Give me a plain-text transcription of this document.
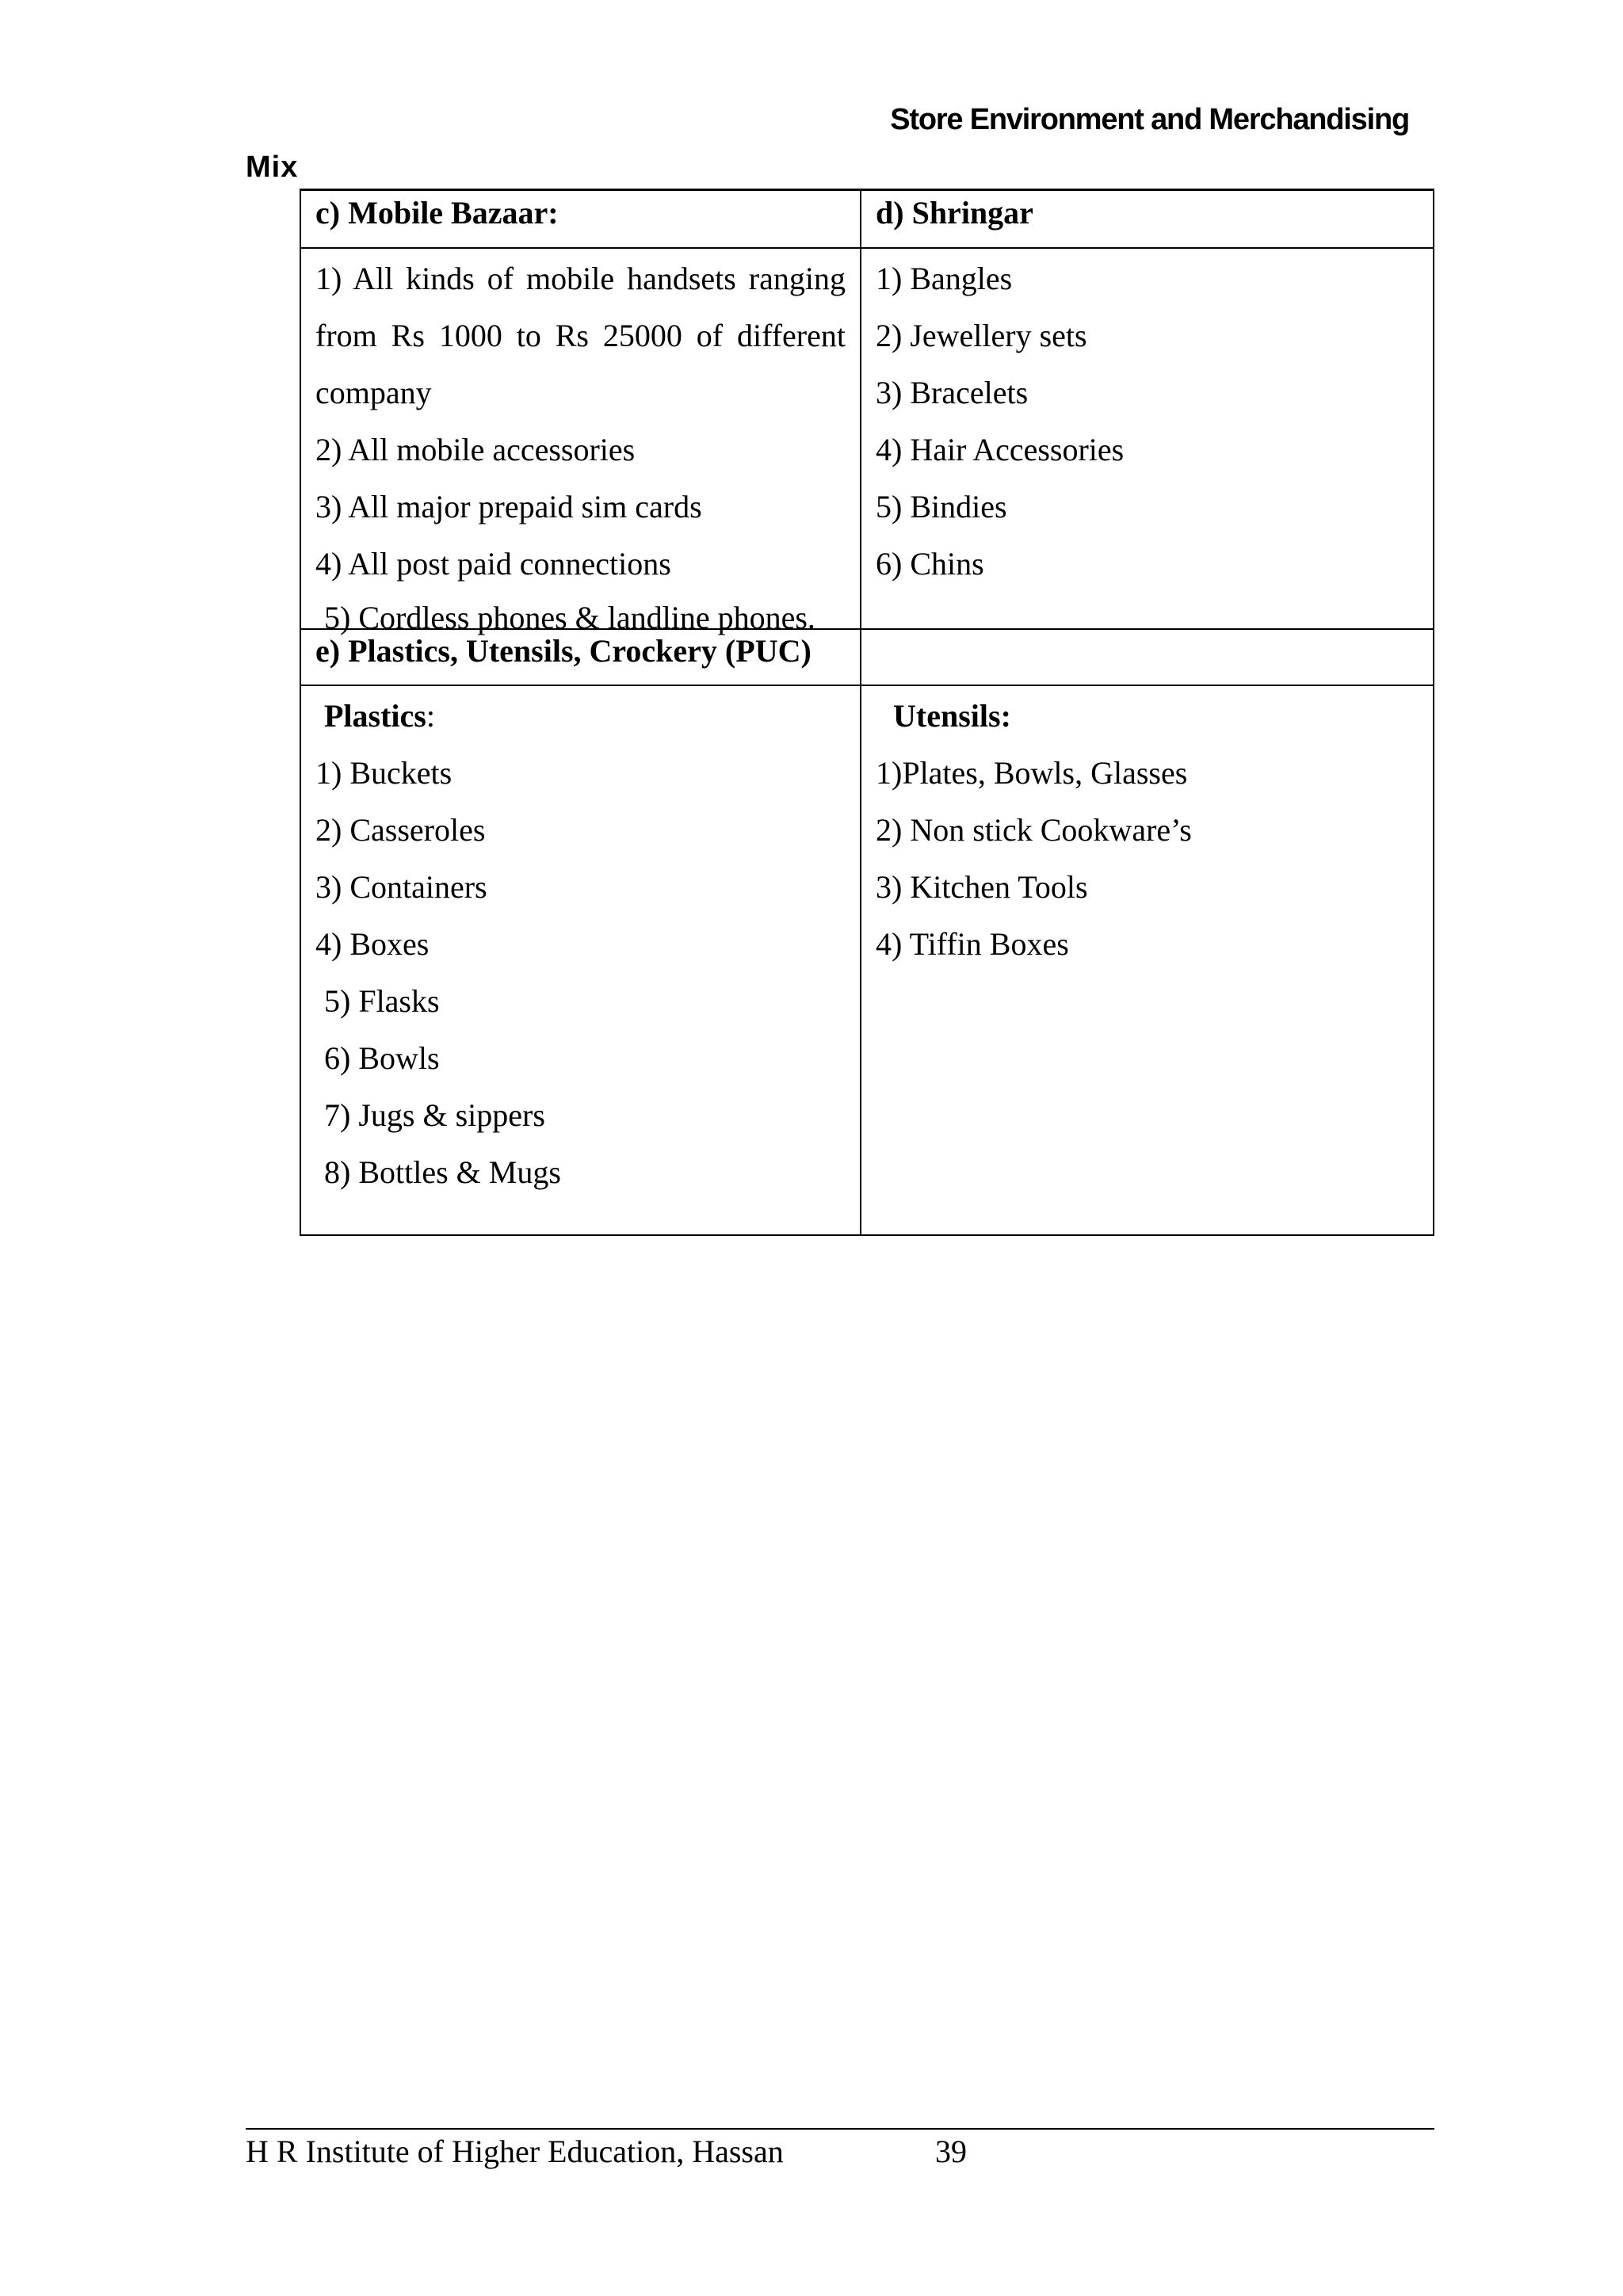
Store Environment and Merchandising
Mix
c) Mobile Bazaar:	d) Shringar
1) All kinds of mobile handsets ranging
from Rs 1000 to Rs 25000 of different
company
2) All mobile accessories
3) All major prepaid sim cards
4) All post paid connections
5) Cordless phones & landline phones.
1) Bangles
2) Jewellery sets
3) Bracelets
4) Hair Accessories
5) Bindies
6) Chins
e) Plastics, Utensils, Crockery (PUC)
Plastics:
1) Buckets
2) Casseroles
3) Containers
4) Boxes
5) Flasks
6) Bowls
7) Jugs & sippers
8) Bottles & Mugs
Utensils:
1)Plates, Bowls, Glasses
2) Non stick Cookware’s
3) Kitchen Tools
4) Tiffin Boxes
H R Institute of Higher Education, Hassan	39
